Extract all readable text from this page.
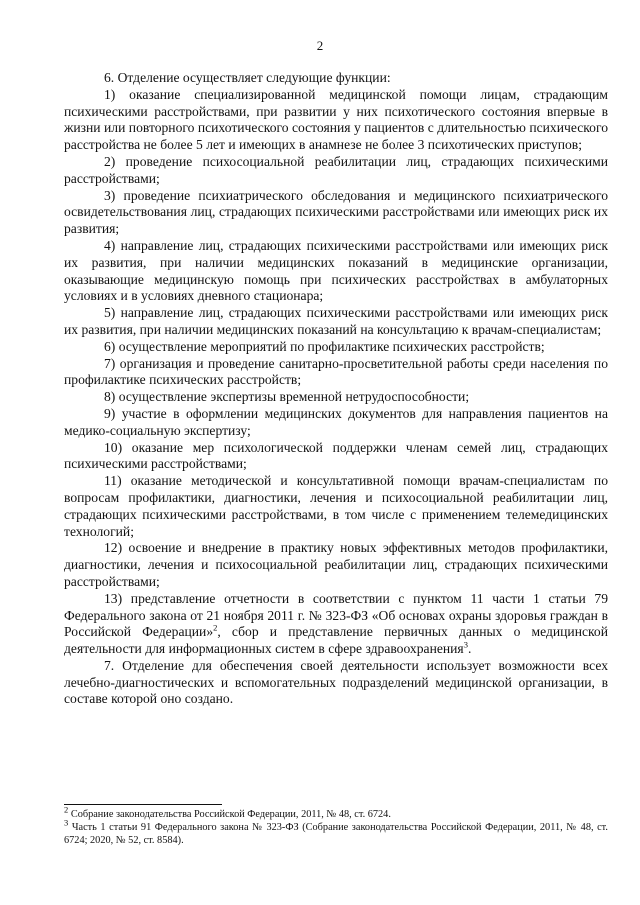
2

6. Отделение осуществляет следующие функции:

1) оказание специализированной медицинской помощи лицам, страдающим психическими расстройствами, при развитии у них психотического состояния впервые в жизни или повторного психотического состояния у пациентов с длительностью психического расстройства не более 5 лет и имеющих в анамнезе не более 3 психотических приступов;

2) проведение психосоциальной реабилитации лиц, страдающих психическими расстройствами;

3) проведение психиатрического обследования и медицинского психиатрического освидетельствования лиц, страдающих психическими расстройствами или имеющих риск их развития;

4) направление лиц, страдающих психическими расстройствами или имеющих риск их развития, при наличии медицинских показаний в медицинские организации, оказывающие медицинскую помощь при психических расстройствах в амбулаторных условиях и в условиях дневного стационара;

5) направление лиц, страдающих психическими расстройствами или имеющих риск их развития, при наличии медицинских показаний на консультацию к врачам-специалистам;

6) осуществление мероприятий по профилактике психических расстройств;

7) организация и проведение санитарно-просветительной работы среди населения по профилактике психических расстройств;

8) осуществление экспертизы временной нетрудоспособности;

9) участие в оформлении медицинских документов для направления пациентов на медико-социальную экспертизу;

10) оказание мер психологической поддержки членам семей лиц, страдающих психическими расстройствами;

11) оказание методической и консультативной помощи врачам-специалистам по вопросам профилактики, диагностики, лечения и психосоциальной реабилитации лиц, страдающих психическими расстройствами, в том числе с применением телемедицинских технологий;

12) освоение и внедрение в практику новых эффективных методов профилактики, диагностики, лечения и психосоциальной реабилитации лиц, страдающих психическими расстройствами;

13) представление отчетности в соответствии с пунктом 11 части 1 статьи 79 Федерального закона от 21 ноября 2011 г. № 323-ФЗ «Об основах охраны здоровья граждан в Российской Федерации»$^2$, сбор и представление первичных данных о медицинской деятельности для информационных систем в сфере здравоохранения$^3$.

7. Отделение для обеспечения своей деятельности использует возможности всех лечебно-диагностических и вспомогательных подразделений медицинской организации, в составе которой оно создано.

$^2$ Собрание законодательства Российской Федерации, 2011, № 48, ст. 6724.

$^3$ Часть 1 статьи 91 Федерального закона № 323-ФЗ (Собрание законодательства Российской Федерации, 2011, № 48, ст. 6724; 2020, № 52, ст. 8584).
